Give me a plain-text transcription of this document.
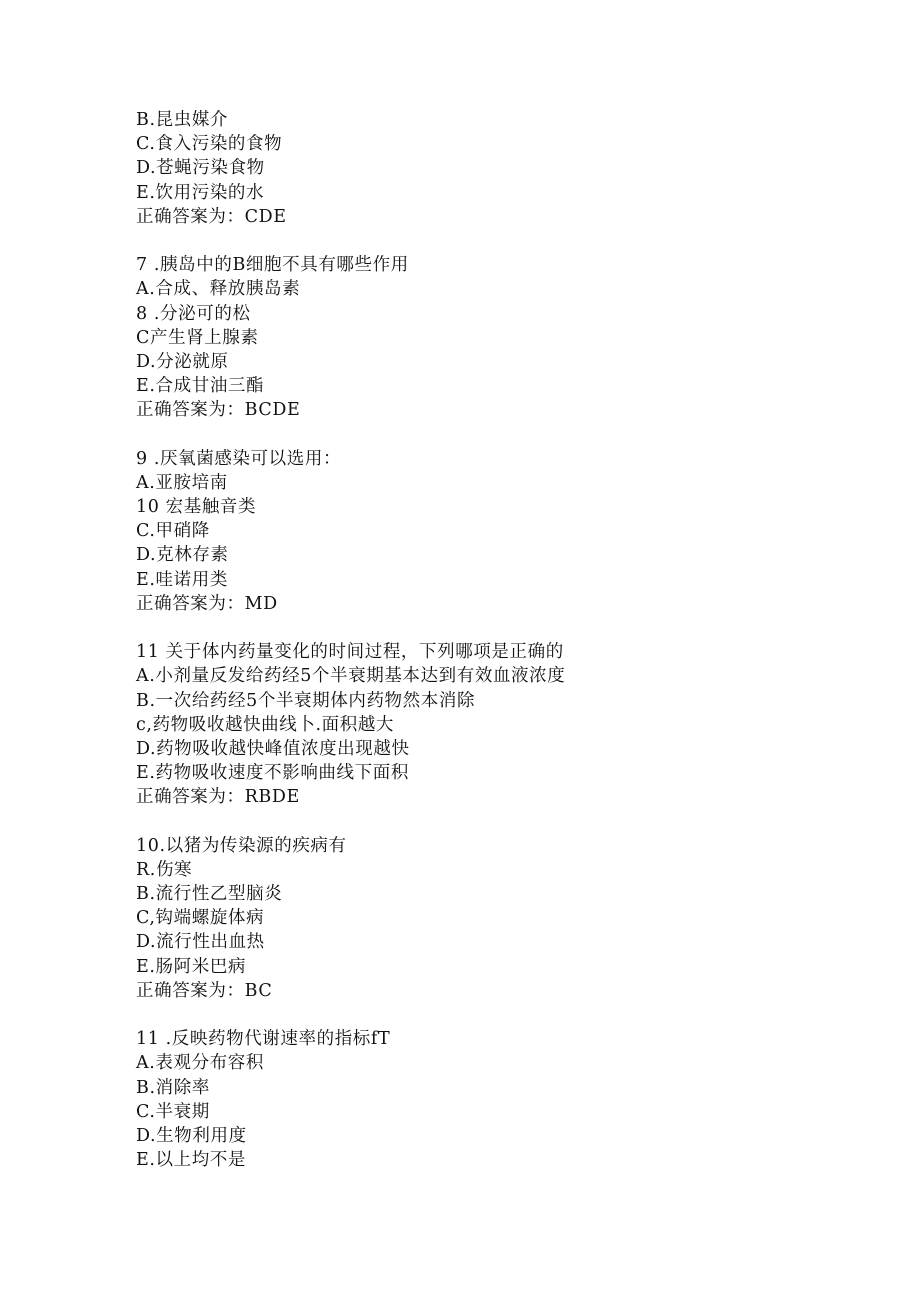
B.昆虫媒介
C.食入污染的食物
D.苍蝇污染食物
E.饮用污染的水
正确答案为：CDE
7 .胰岛中的B细胞不具有哪些作用
A.合成、释放胰岛素
8 .分泌可的松
C产生肾上腺素
D.分泌就原
E.合成甘油三酯
正确答案为：BCDE
9 .厌氧菌感染可以选用：
A.亚胺培南
10 宏基触音类
C.甲硝降
D.克林存素
E.哇诺用类
正确答案为：MD
11 关于体内药量变化的时间过程，下列哪项是正确的
A.小剂量反发给药经5个半衰期基本达到有效血液浓度
B.一次给药经5个半衰期体内药物然本消除
c,药物吸收越快曲线卜.面积越大
D.药物吸收越快峰值浓度出现越快
E.药物吸收速度不影响曲线下面积
正确答案为：RBDE
10.以猪为传染源的疾病有
R.伤寒
B.流行性乙型脑炎
C,钩端螺旋体病
D.流行性出血热
E.肠阿米巴病
正确答案为：BC
11 .反映药物代谢速率的指标fT
A.表观分布容积
B.消除率
C.半衰期
D.生物利用度
E.以上均不是
